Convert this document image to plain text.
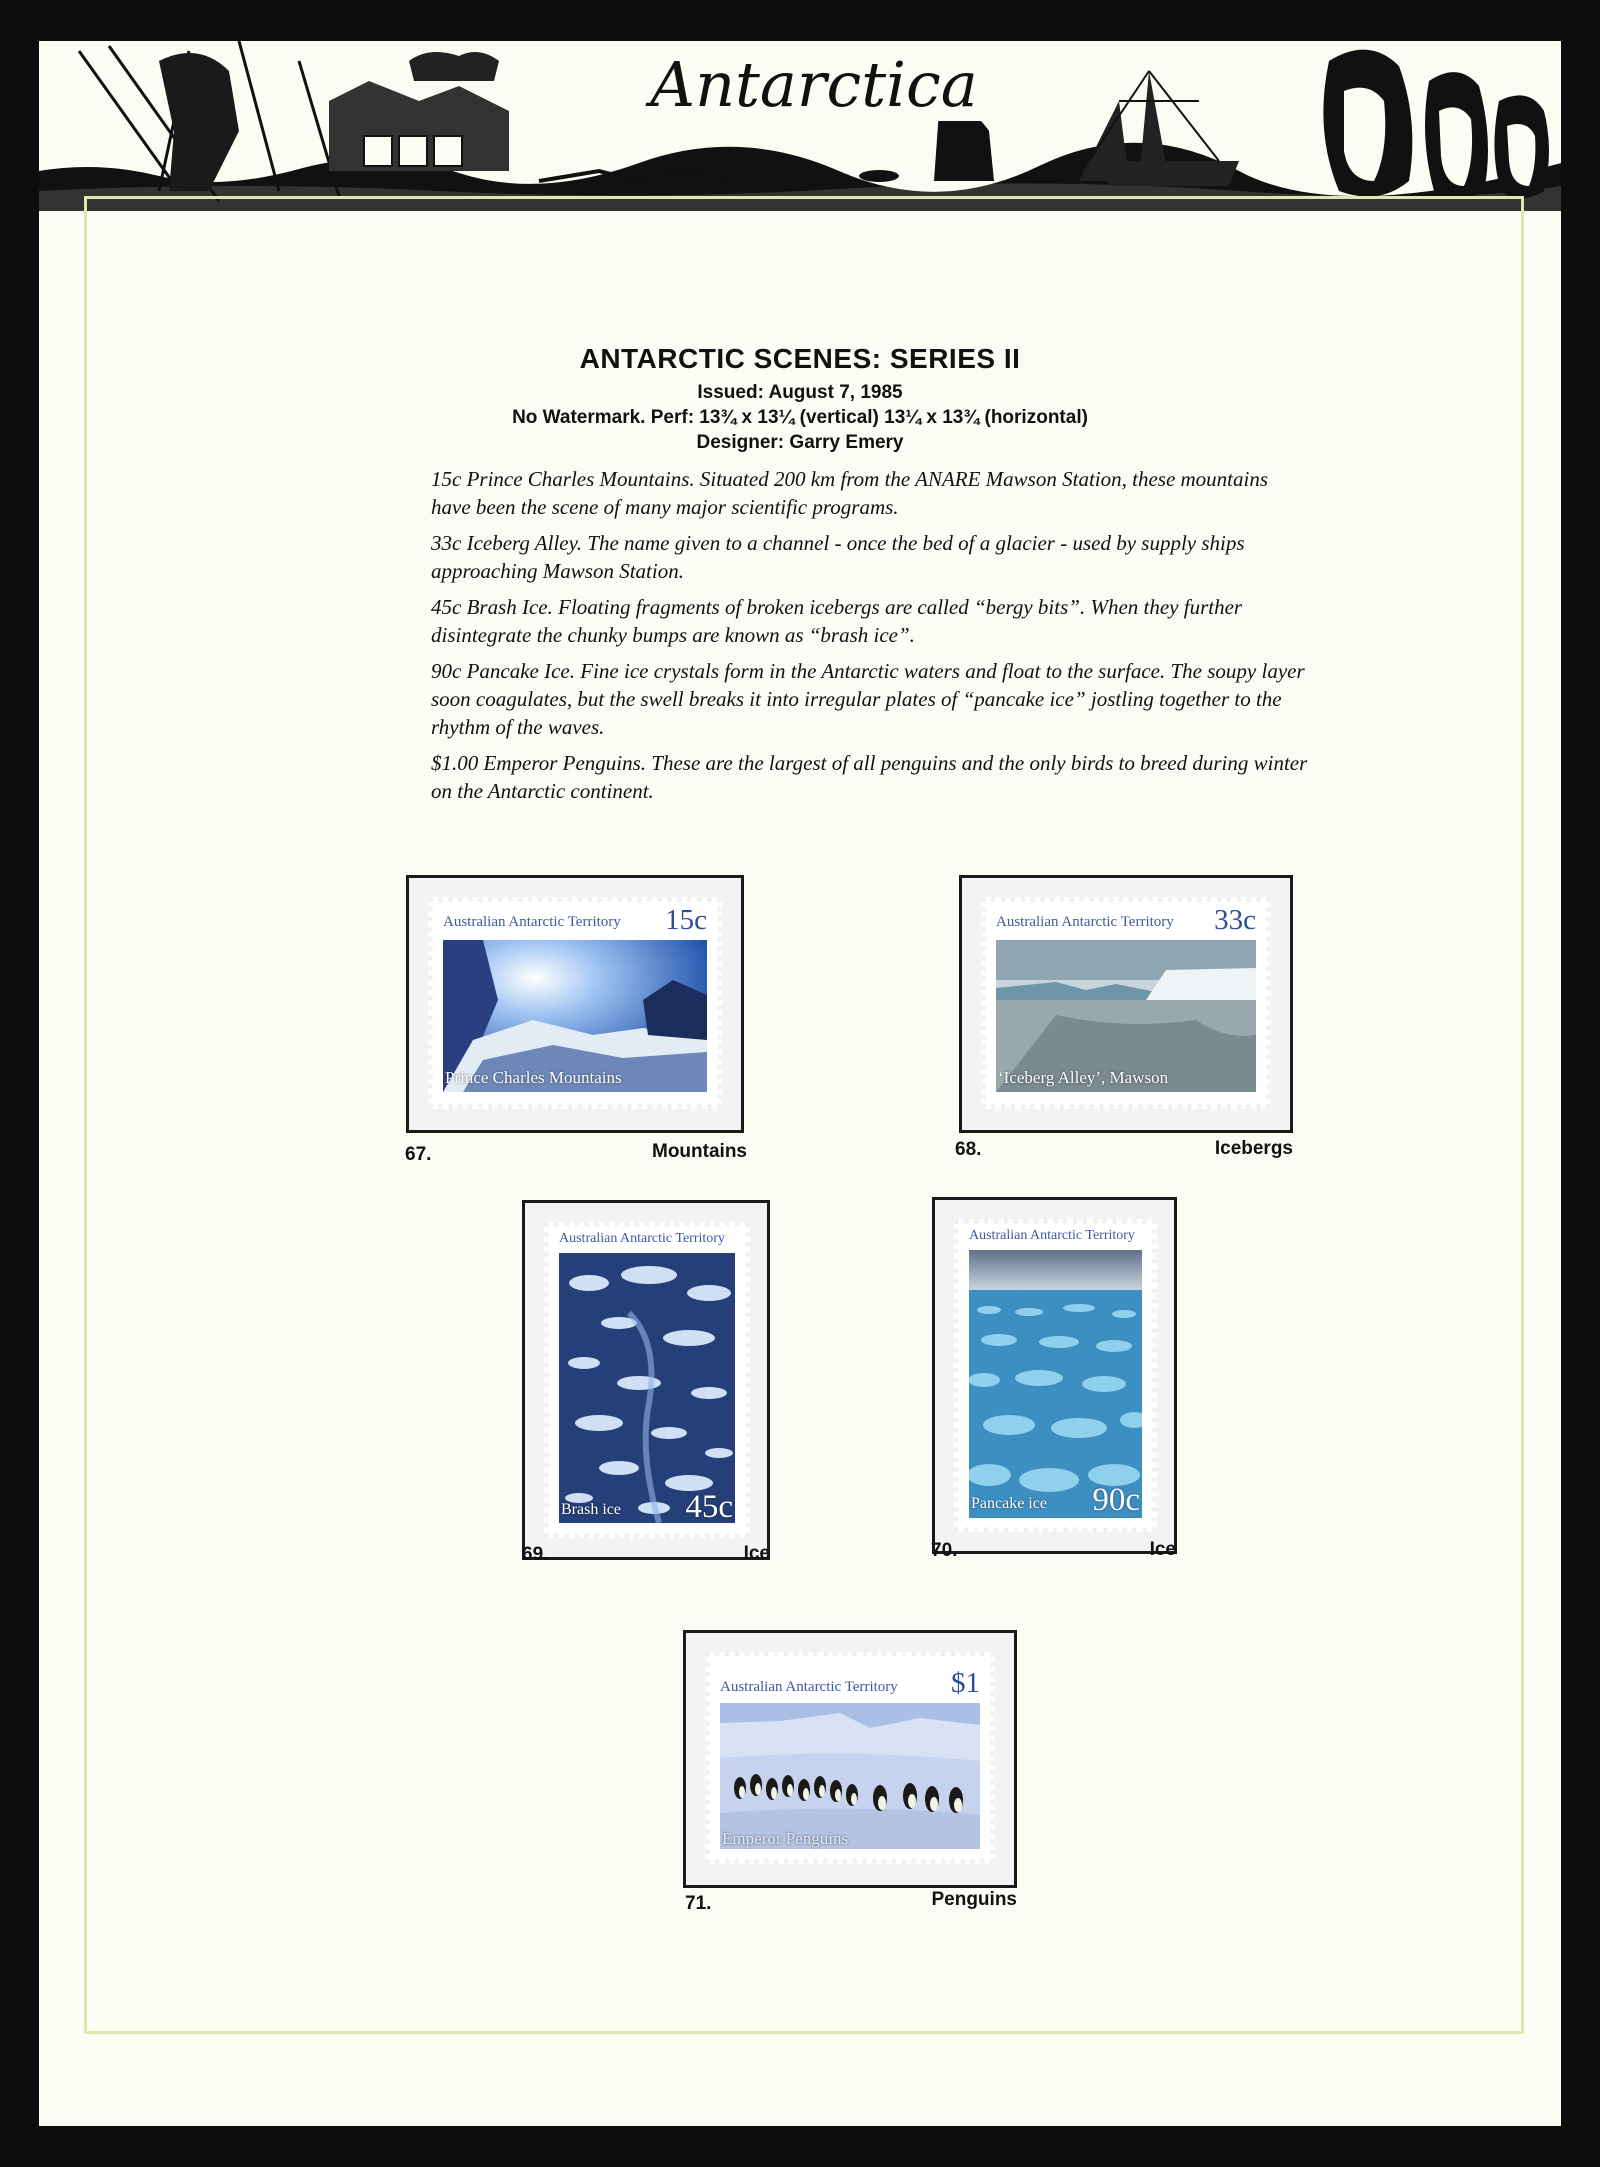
Antarctica
ANTARCTIC SCENES: SERIES II
Issued: August 7, 1985
No Watermark. Perf: 13¾ x 13¼ (vertical) 13¼ x 13¾ (horizontal)
Designer: Garry Emery

15c Prince Charles Mountains. Situated 200 km from the ANARE Mawson Station, these mountains have been the scene of many major scientific programs.

33c Iceberg Alley. The name given to a channel - once the bed of a glacier - used by supply ships approaching Mawson Station.

45c Brash Ice. Floating fragments of broken icebergs are called “bergy bits”. When they further disintegrate the chunky bumps are known as “brash ice”.

90c Pancake Ice. Fine ice crystals form in the Antarctic waters and float to the surface. The soupy layer soon coagulates, but the swell breaks it into irregular plates of “pancake ice” jostling together to the rhythm of the waves.

$1.00 Emperor Penguins. These are the largest of all penguins and the only birds to breed during winter on the Antarctic continent.

Australian Antarctic Territory 15c
Prince Charles Mountains
67.	Mountains
Australian Antarctic Territory 33c
‘Iceberg Alley’, Mawson
68.	Icebergs
Australian Antarctic Territory
Brash ice 45c
69.	Ice
Australian Antarctic Territory
Pancake ice 90c
70.	Ice
Australian Antarctic Territory $1
Emperor Penguins
71.	Penguins
